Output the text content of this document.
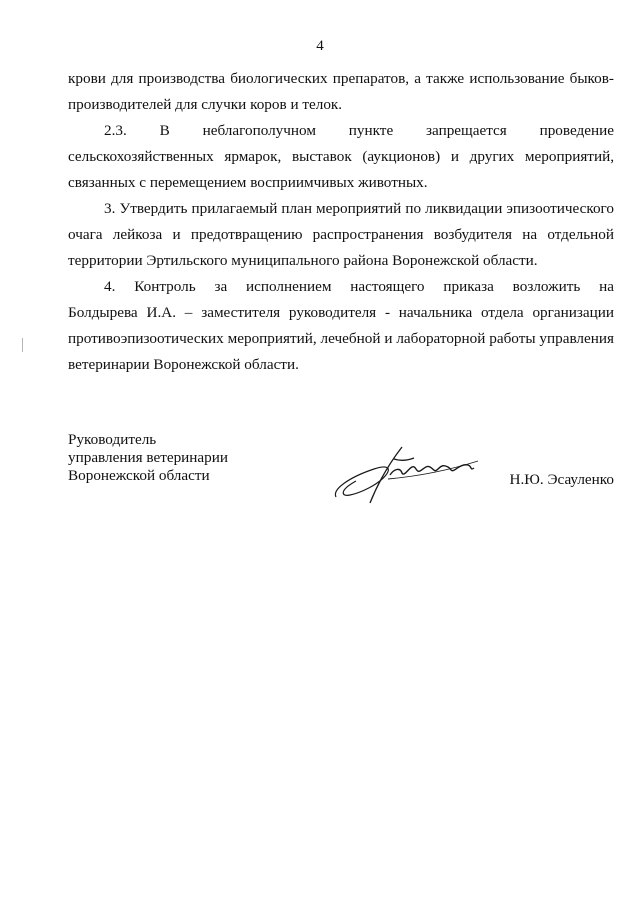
4

крови для производства биологических препаратов, а также использование быков-
производителей для случки коров и телок.

2.3. В неблагополучном пункте запрещается проведение

сельскохозяйственных ярмарок, выставок (аукционов) и других мероприятий,
связанных с перемещением восприимчивых животных.

3. Утвердить прилагаемый план мероприятий по ликвидации эпизоотического

очага лейкоза и предотвращению распространения возбудителя на отдельной
территории Эртильского муниципального района Воронежской области.

4. Контроль за исполнением настоящего приказа возложить на

Болдырева И.А. – заместителя руководителя - начальника отдела организации
противоэпизоотических мероприятий, лечебной и лабораторной работы управления
ветеринарии Воронежской области.

Руководитель
управления ветеринарии
Воронежской области	Н.Ю. Эсауленко
